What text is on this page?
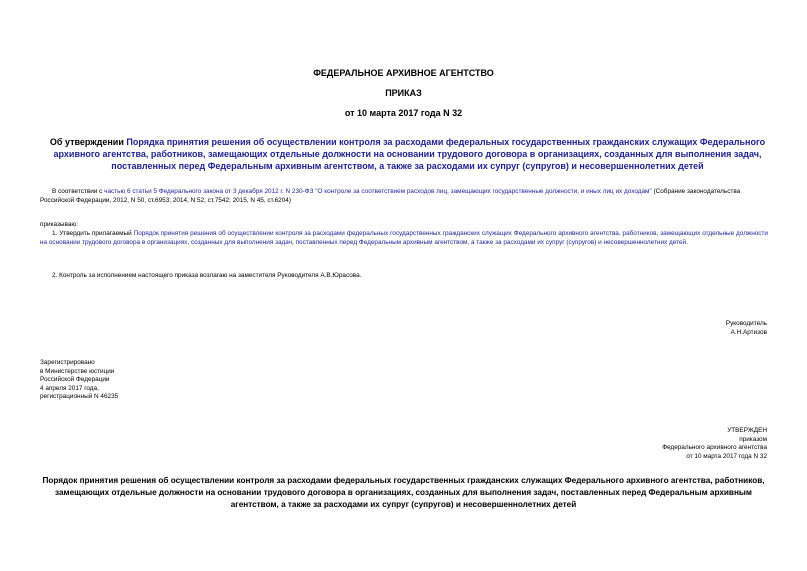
ФЕДЕРАЛЬНОЕ АРХИВНОЕ АГЕНТСТВО
ПРИКАЗ
от 10 марта 2017 года N 32
Об утверждении Порядка принятия решения об осуществлении контроля за расходами федеральных государственных гражданских служащих Федерального архивного агентства, работников, замещающих отдельные должности на основании трудового договора в организациях, созданных для выполнения задач, поставленных перед Федеральным архивным агентством, а также за расходами их супруг (супругов) и несовершеннолетних детей
В соответствии с частью 6 статьи 5 Федерального закона от 3 декабря 2012 г. N 230-ФЗ "О контроле за соответствием расходов лиц, замещающих государственные должности, и иных лиц их доходам" (Собрание законодательства Российской Федерации, 2012, N 50, ст.6953; 2014, N 52, ст.7542; 2015, N 45, ст.6204)
приказываю:
1. Утвердить прилагаемый Порядок принятия решения об осуществлении контроля за расходами федеральных государственных гражданских служащих Федерального архивного агентства, работников, замещающих отдельные должности на основании трудового договора в организациях, созданных для выполнения задач, поставленных перед Федеральным архивным агентством, а также за расходами их супруг (супругов) и несовершеннолетних детей.
2. Контроль за исполнением настоящего приказа возлагаю на заместителя Руководителя А.В.Юрасова.

Руководитель

А.Н.Артизов

Зарегистрировано

в Министерстве юстиции

Российской Федерации

4 апреля 2017 года,

регистрационный N 46235

УТВЕРЖДЕН

приказом

Федерального архивного агентства

от 10 марта 2017 года N 32

Порядок принятия решения об осуществлении контроля за расходами федеральных государственных гражданских служащих Федерального архивного агентства, работников, замещающих отдельные должности на основании трудового договора в организациях, созданных для выполнения задач, поставленных перед Федеральным архивным агентством, а также за расходами их супруг (супругов) и несовершеннолетних детей
